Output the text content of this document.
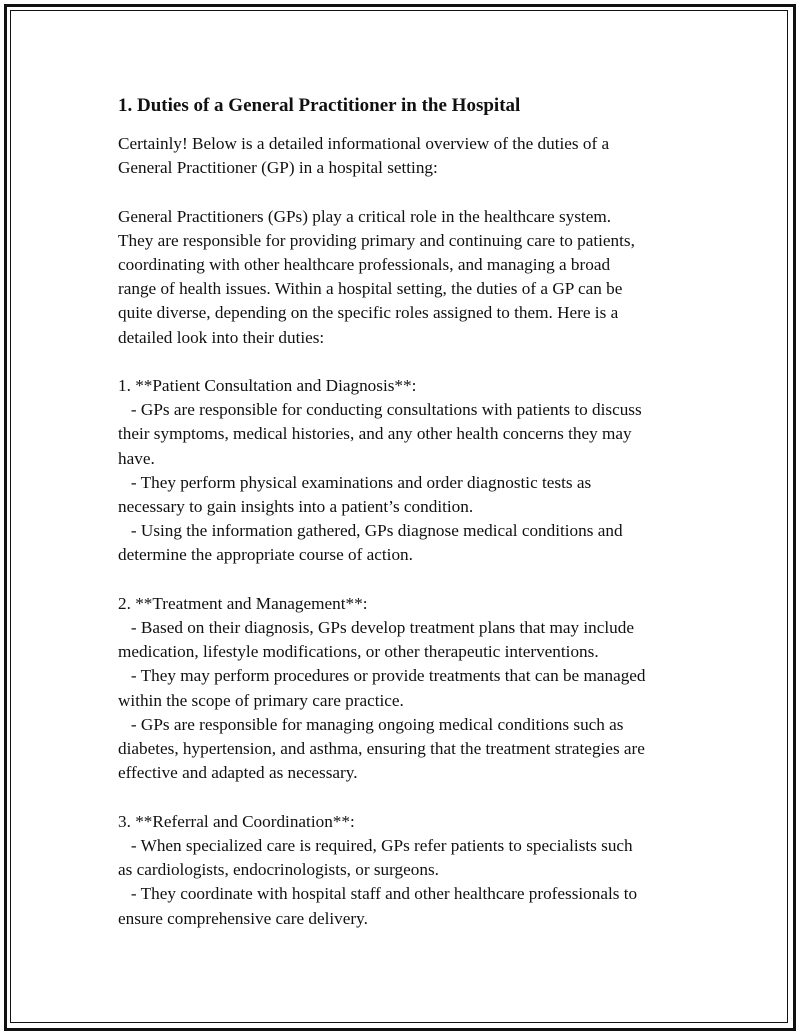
1. Duties of a General Practitioner in the Hospital

Certainly! Below is a detailed informational overview of the duties of a

General Practitioner (GP) in a hospital setting:

General Practitioners (GPs) play a critical role in the healthcare system.

They are responsible for providing primary and continuing care to patients,

coordinating with other healthcare professionals, and managing a broad

range of health issues. Within a hospital setting, the duties of a GP can be

quite diverse, depending on the specific roles assigned to them. Here is a

detailed look into their duties:

1. **Patient Consultation and Diagnosis**:

- GPs are responsible for conducting consultations with patients to discuss

their symptoms, medical histories, and any other health concerns they may

have.

- They perform physical examinations and order diagnostic tests as

necessary to gain insights into a patient’s condition.

- Using the information gathered, GPs diagnose medical conditions and

determine the appropriate course of action.

2. **Treatment and Management**:

- Based on their diagnosis, GPs develop treatment plans that may include

medication, lifestyle modifications, or other therapeutic interventions.

- They may perform procedures or provide treatments that can be managed

within the scope of primary care practice.

- GPs are responsible for managing ongoing medical conditions such as

diabetes, hypertension, and asthma, ensuring that the treatment strategies are

effective and adapted as necessary.

3. **Referral and Coordination**:

- When specialized care is required, GPs refer patients to specialists such

as cardiologists, endocrinologists, or surgeons.

- They coordinate with hospital staff and other healthcare professionals to

ensure comprehensive care delivery.
